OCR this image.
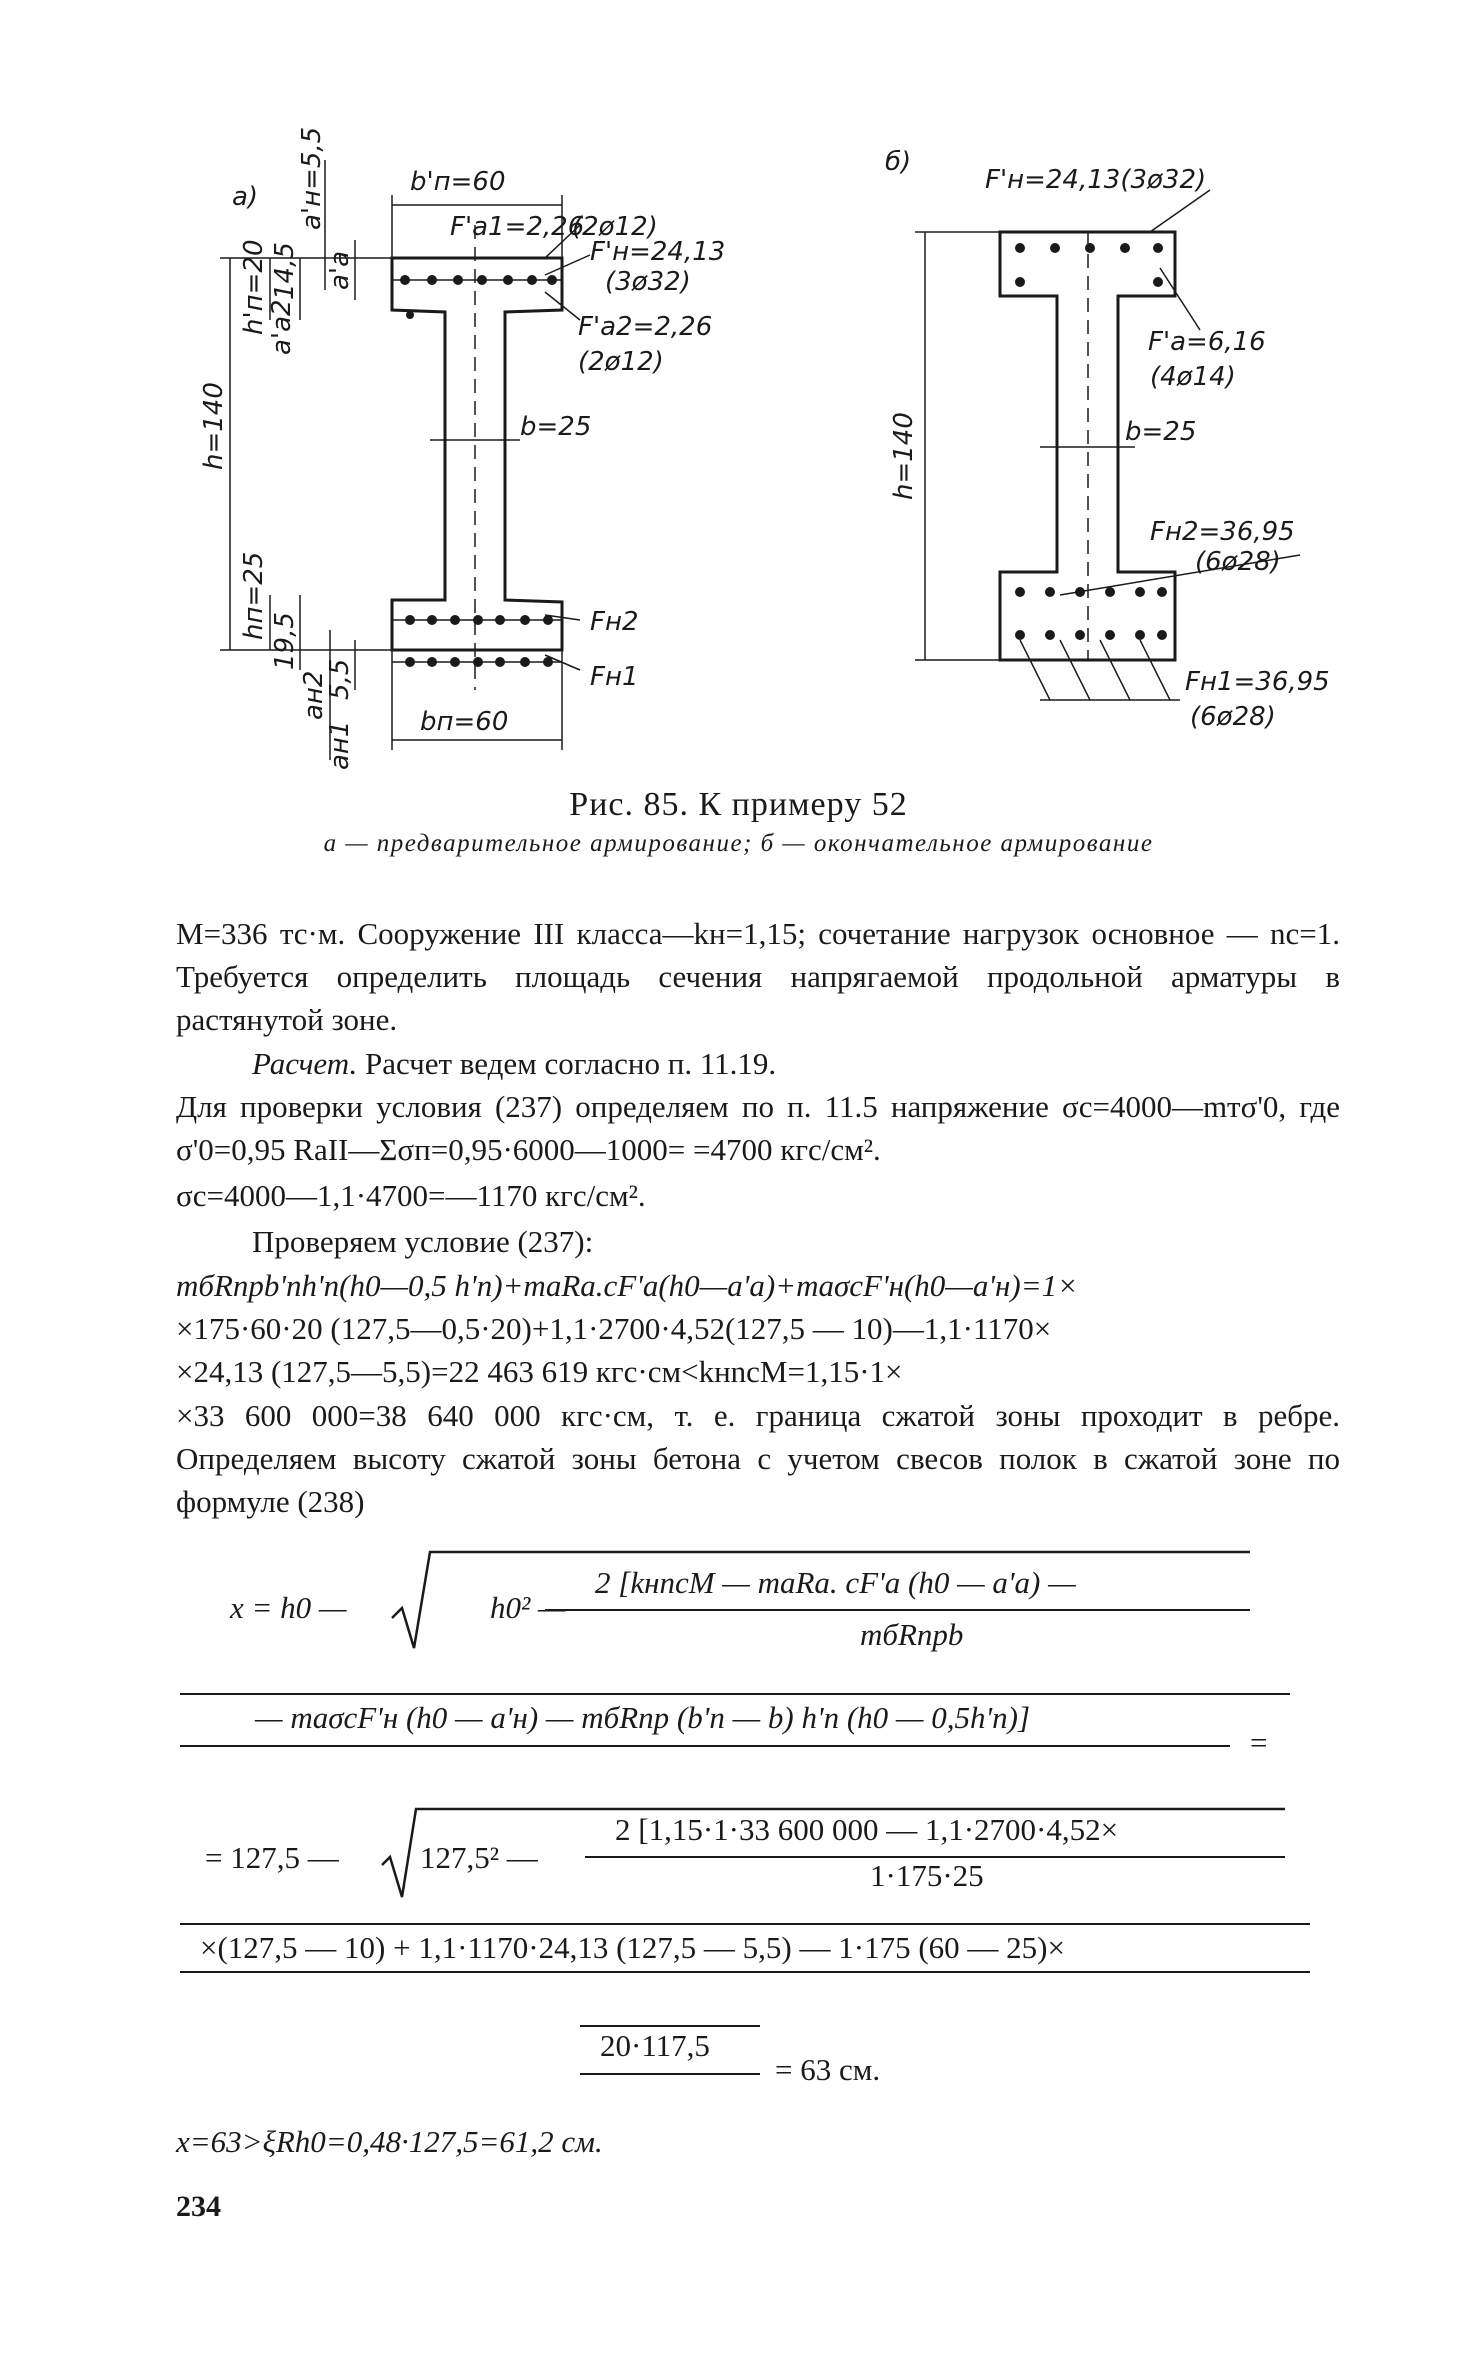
а)	b'п=60
F'a1=2,26
(2ø12)
F'н=24,13
(3ø32)
F'a2=2,26
(2ø12)
b=25
Fн2
Fн1
bп=60
h=140
h'п=20
a'a2
14,5
a'н=5,5
a'a
hп=25
19,5
aн2
5,5
aн1
б)
F'н=24,13(3ø32)
F'a=6,16
(4ø14)
b=25
h=140
Fн2=36,95
(6ø28)
Fн1=36,95
(6ø28)
Рис. 85. К примеру 52
а — предварительное армирование; б — окончательное армирование
M=336 тс·м. Сооружение III класса—kн=1,15; сочетание нагрузок основное — nс=1. Требуется определить площадь сечения напрягаемой продольной арматуры в растянутой зоне.
Расчет. Расчет ведем согласно п. 11.19.
Для проверки условия (237) определяем по п. 11.5 напряжение σс=4000—mтσ'0, где σ'0=0,95 RaII—Σσп=0,95·6000—1000= =4700 кгс/см².
σс=4000—1,1·4700=—1170 кгс/см².
Проверяем условие (237):
mбRпрb'пh'п(h0—0,5 h'п)+maRa.cF'a(h0—a'a)+maσcF'н(h0—a'н)=1×
×175·60·20 (127,5—0,5·20)+1,1·2700·4,52(127,5 — 10)—1,1·1170×
×24,13 (127,5—5,5)=22 463 619 кгс·см<kнnсM=1,15·1×
×33 600 000=38 640 000 кгс·см, т. е. граница сжатой зоны проходит в ребре. Определяем высоту сжатой зоны бетона с учетом свесов полок в сжатой зоне по формуле (238)
x = h0 —	h0² —
2 [kнnсM — maRa. cF'a (h0 — a'a) —
mбRпрb
— maσcF'н (h0 — a'н) — mбRпр (b'п — b) h'п (h0 — 0,5h'п)]
=
= 127,5 —	127,5² —
2 [1,15·1·33 600 000 — 1,1·2700·4,52×
1·175·25
×(127,5 — 10) + 1,1·1170·24,13 (127,5 — 5,5) — 1·175 (60 — 25)×
20·117,5
= 63 см.
x=63>ξRh0=0,48·127,5=61,2 см.
234
